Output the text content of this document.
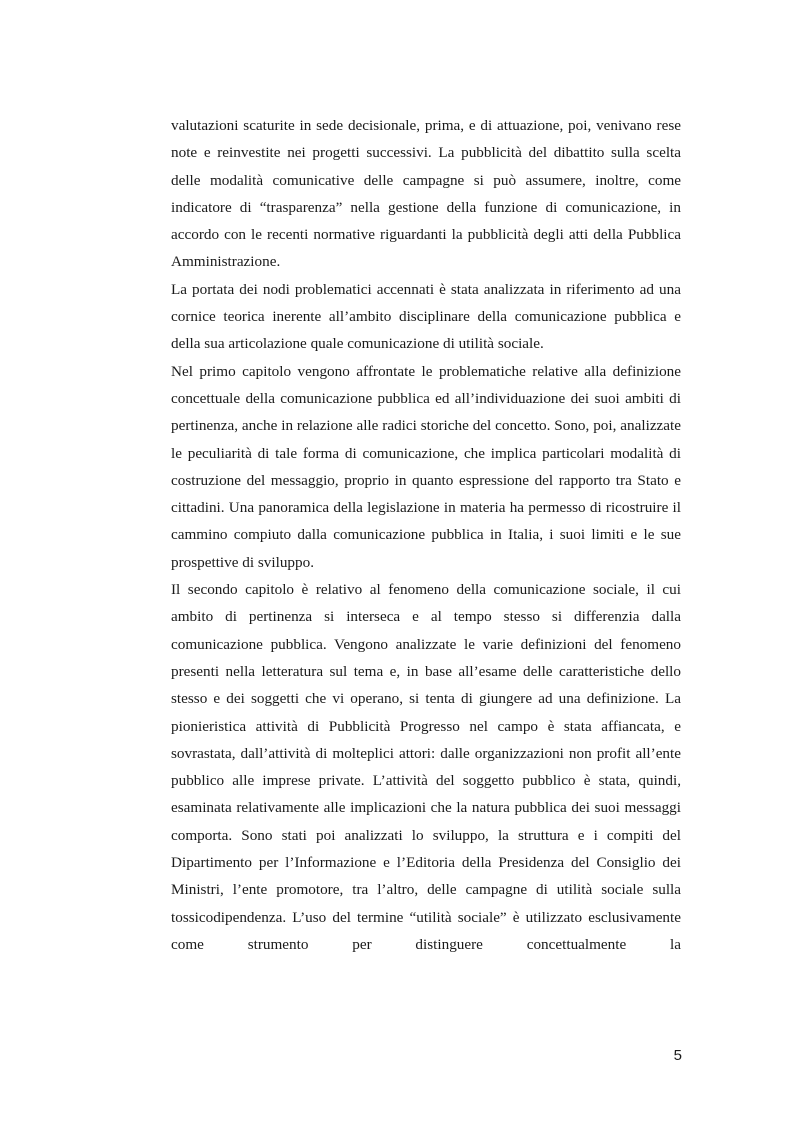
valutazioni scaturite in sede decisionale, prima, e di attuazione, poi, venivano rese note e reinvestite nei progetti successivi. La pubblicità del dibattito sulla scelta delle modalità comunicative delle campagne si può assumere, inoltre, come indicatore di “trasparenza” nella gestione della funzione di comunicazione, in accordo con le recenti normative riguardanti la pubblicità degli atti della Pubblica Amministrazione.

La portata dei nodi problematici accennati è stata analizzata in riferimento ad una cornice teorica inerente all’ambito disciplinare della comunicazione pubblica e della sua articolazione quale comunicazione di utilità sociale.

Nel primo capitolo vengono affrontate le problematiche relative alla definizione concettuale della comunicazione pubblica ed all’individuazione dei suoi ambiti di pertinenza, anche in relazione alle radici storiche del concetto. Sono, poi, analizzate le peculiarità di tale forma di comunicazione, che implica particolari modalità di costruzione del messaggio, proprio in quanto espressione del rapporto tra Stato e cittadini. Una panoramica della legislazione in materia ha permesso di ricostruire il cammino compiuto dalla comunicazione pubblica in Italia, i suoi limiti e le sue prospettive di sviluppo.

Il secondo capitolo è relativo al fenomeno della comunicazione sociale, il cui ambito di pertinenza si interseca e al tempo stesso si differenzia dalla comunicazione pubblica. Vengono analizzate le varie definizioni del fenomeno presenti nella letteratura sul tema e, in base all’esame delle caratteristiche dello stesso e dei soggetti che vi operano, si tenta di giungere ad una definizione. La pionieristica attività di Pubblicità Progresso nel campo è stata affiancata, e sovrastata, dall’attività di molteplici attori: dalle organizzazioni non profit all’ente pubblico alle imprese private. L’attività del soggetto pubblico è stata, quindi, esaminata relativamente alle implicazioni che la natura pubblica dei suoi messaggi comporta. Sono stati poi analizzati lo sviluppo, la struttura e i compiti del Dipartimento per l’Informazione e l’Editoria della Presidenza del Consiglio dei Ministri, l’ente promotore, tra l’altro, delle campagne di utilità sociale sulla tossicodipendenza. L’uso del termine “utilità sociale” è utilizzato esclusivamente come strumento per distinguere concettualmente la

5
